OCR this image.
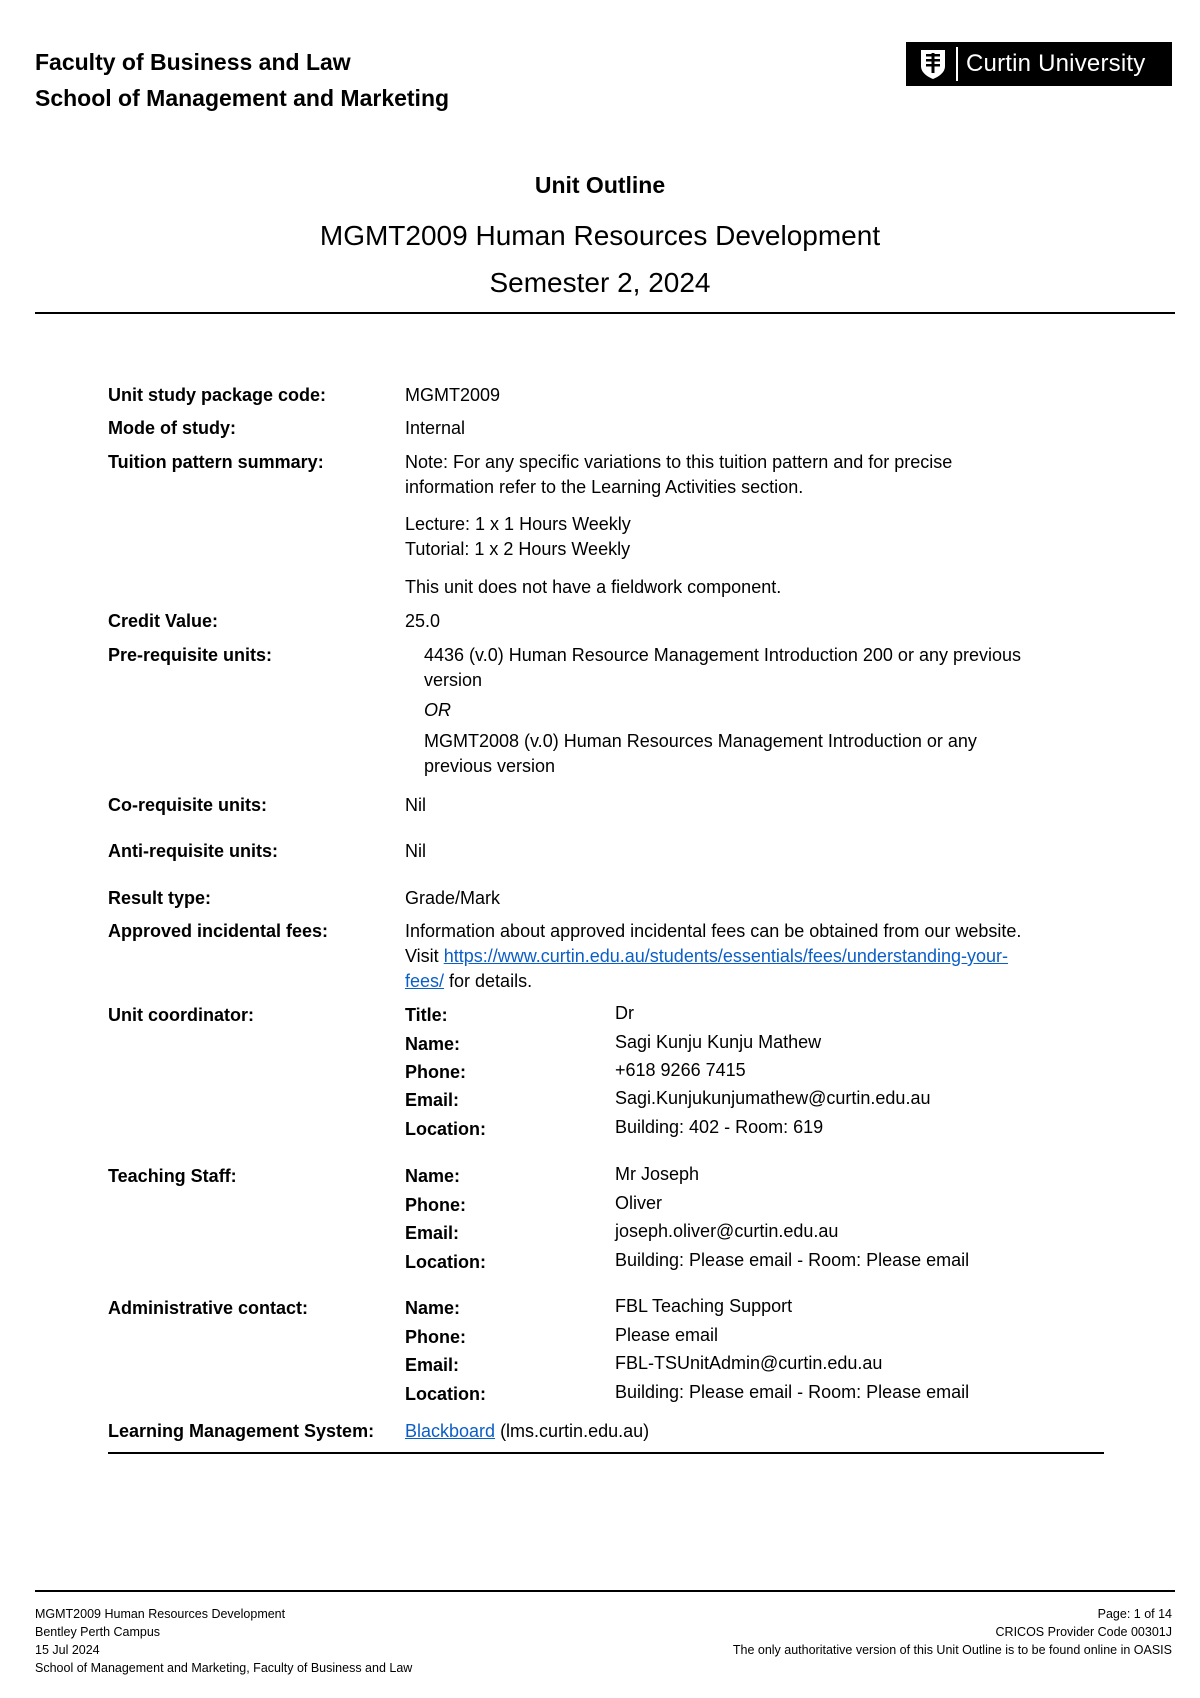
Faculty of Business and Law
School of Management and Marketing
Curtin University
Unit Outline
MGMT2009 Human Resources Development
Semester 2, 2024
Unit study package code:	MGMT2009
Mode of study:	Internal
Tuition pattern summary:	Note: For any specific variations to this tuition pattern and for precise
information refer to the Learning Activities section.
Lecture: 1 x 1 Hours Weekly
Tutorial: 1 x 2 Hours Weekly
This unit does not have a fieldwork component.
Credit Value:	25.0
Pre-requisite units:	4436 (v.0) Human Resource Management Introduction 200 or any previous
version
OR
MGMT2008 (v.0) Human Resources Management Introduction or any
previous version
Co-requisite units:	Nil
Anti-requisite units:	Nil
Result type:	Grade/Mark
Approved incidental fees:	Information about approved incidental fees can be obtained from our website.
Visit https://www.curtin.edu.au/students/essentials/fees/understanding-your-
fees/ for details.
Unit coordinator:	Title:	Dr
Name:	Sagi Kunju Kunju Mathew
Phone:	+618 9266 7415
Email:	Sagi.Kunjukunjumathew@curtin.edu.au
Location:	Building: 402 - Room: 619
Teaching Staff:	Name:	Mr Joseph
Phone:	Oliver
Email:	joseph.oliver@curtin.edu.au
Location:	Building: Please email - Room: Please email
Administrative contact:	Name:	FBL Teaching Support
Phone:	Please email
Email:	FBL-TSUnitAdmin@curtin.edu.au
Location:	Building: Please email - Room: Please email
Learning Management System: Blackboard (lms.curtin.edu.au)
MGMT2009 Human Resources Development
Bentley Perth Campus
15 Jul 2024
School of Management and Marketing, Faculty of Business and Law
Page: 1 of 14
CRICOS Provider Code 00301J
The only authoritative version of this Unit Outline is to be found online in OASIS
